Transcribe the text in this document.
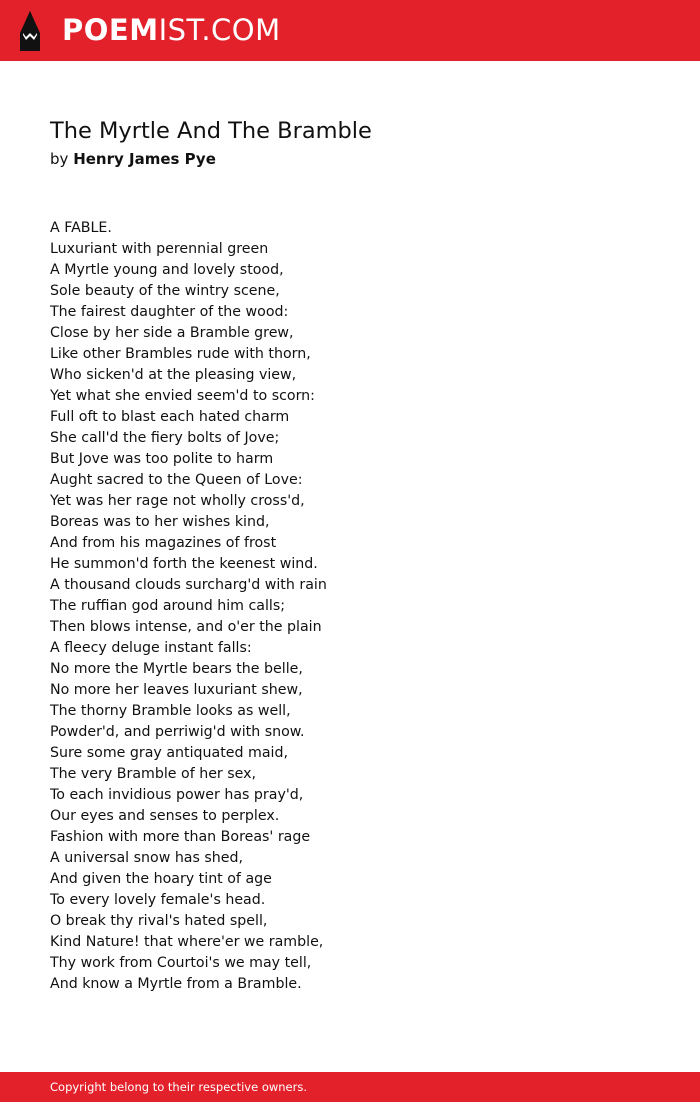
POEMIST.COM
The Myrtle And The Bramble
by Henry James Pye
A FABLE.
Luxuriant with perennial green
A Myrtle young and lovely stood,
Sole beauty of the wintry scene,
The fairest daughter of the wood:
Close by her side a Bramble grew,
Like other Brambles rude with thorn,
Who sicken'd at the pleasing view,
Yet what she envied seem'd to scorn:
Full oft to blast each hated charm
She call'd the fiery bolts of Jove;
But Jove was too polite to harm
Aught sacred to the Queen of Love:
Yet was her rage not wholly cross'd,
Boreas was to her wishes kind,
And from his magazines of frost
He summon'd forth the keenest wind.
A thousand clouds surcharg'd with rain
The ruffian god around him calls;
Then blows intense, and o'er the plain
A fleecy deluge instant falls:
No more the Myrtle bears the belle,
No more her leaves luxuriant shew,
The thorny Bramble looks as well,
Powder'd, and perriwig'd with snow.
Sure some gray antiquated maid,
The very Bramble of her sex,
To each invidious power has pray'd,
Our eyes and senses to perplex.
Fashion with more than Boreas' rage
A universal snow has shed,
And given the hoary tint of age
To every lovely female's head.
O break thy rival's hated spell,
Kind Nature! that where'er we ramble,
Thy work from Courtoi's we may tell,
And know a Myrtle from a Bramble.
Copyright belong to their respective owners.
